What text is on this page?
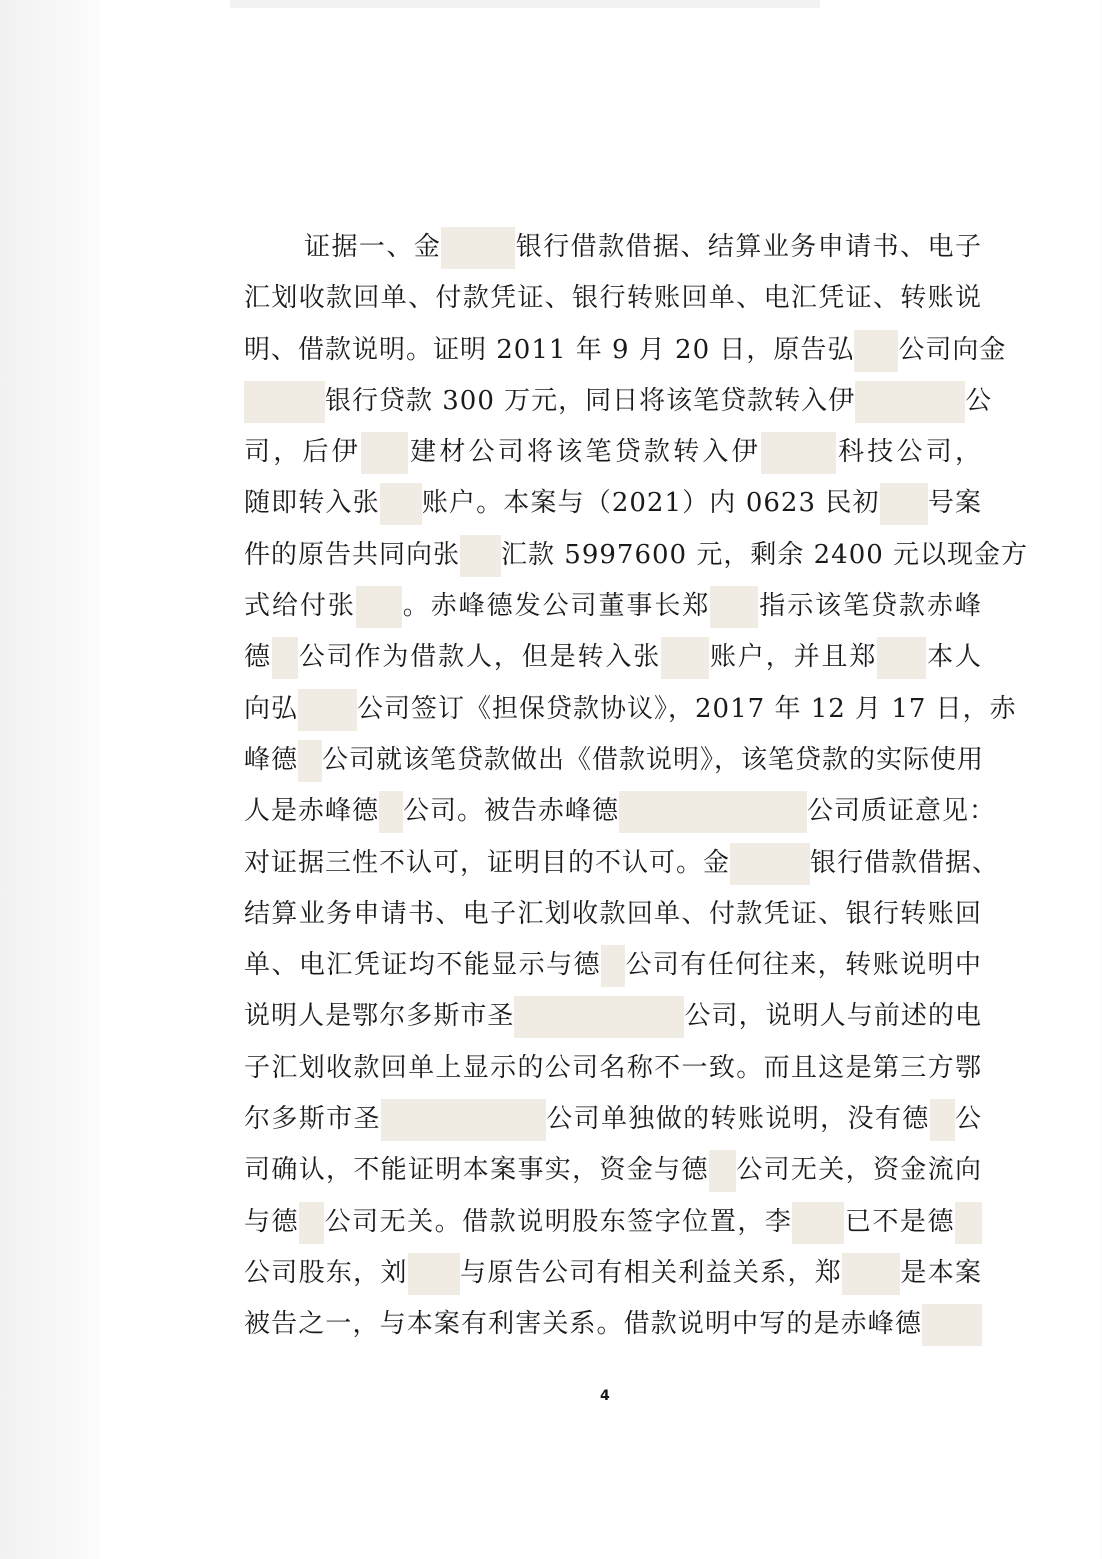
证据一、金	银行借款借据、结算业务申请书、电子
汇划收款回单、付款凭证、银行转账回单、电汇凭证、转账说
明、借款说明。证明 2011 年 9 月 20 日，原告弘 公司向金
银行贷款 300 万元，同日将该笔贷款转入伊	公
司，后伊 建材公司将该笔贷款转入伊	科技公司，
随即转入张 账户。本案与（2021）内 0623 民初 号案
件的原告共同向张 汇款 5997600 元，剩余 2400 元以现金方
式给付张 。赤峰德发公司董事长郑 指示该笔贷款赤峰
德 公司作为借款人，但是转入张 账户，并且郑 本人
向弘 公司签订《担保贷款协议》，2017 年 12 月 17 日，赤
峰德 公司就该笔贷款做出《借款说明》，该笔贷款的实际使用
人是赤峰德 公司。被告赤峰德	公司质证意见：
对证据三性不认可，证明目的不认可。金	银行借款借据、
结算业务申请书、电子汇划收款回单、付款凭证、银行转账回
单、电汇凭证均不能显示与德 公司有任何往来，转账说明中
说明人是鄂尔多斯市圣	公司，说明人与前述的电
子汇划收款回单上显示的公司名称不一致。而且这是第三方鄂
尔多斯市圣	公司单独做的转账说明，没有德 公
司确认，不能证明本案事实，资金与德 公司无关，资金流向
与德 公司无关。借款说明股东签字位置，李 已不是德
公司股东，刘 与原告公司有相关利益关系，郑 是本案
被告之一，与本案有利害关系。借款说明中写的是赤峰德
4
